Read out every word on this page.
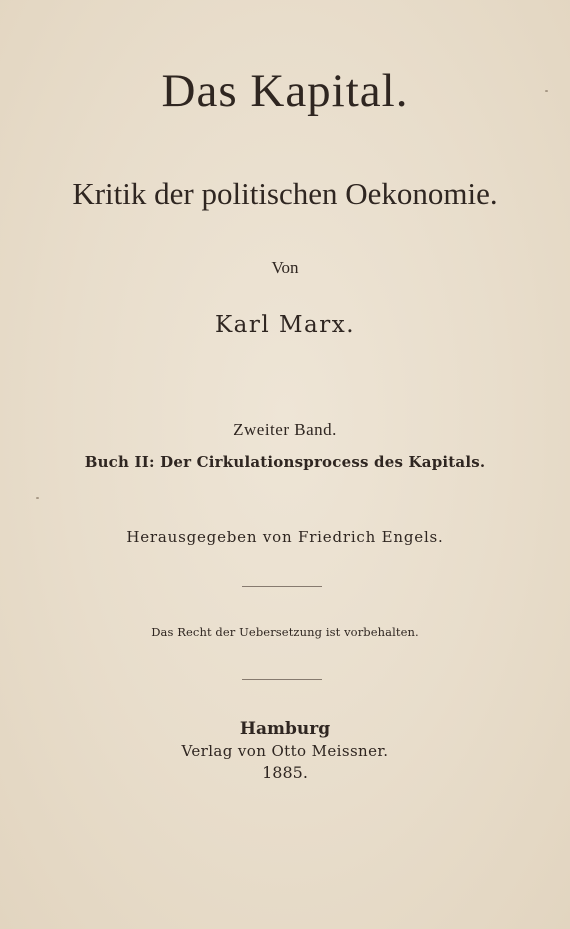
Das Kapital.
Kritik der politischen Oekonomie.
Von
Karl Marx.
Zweiter Band.
Buch II: Der Cirkulationsprocess des Kapitals.
Herausgegeben von Friedrich Engels.
Das Recht der Uebersetzung ist vorbehalten.
Hamburg
Verlag von Otto Meissner.
1885.
